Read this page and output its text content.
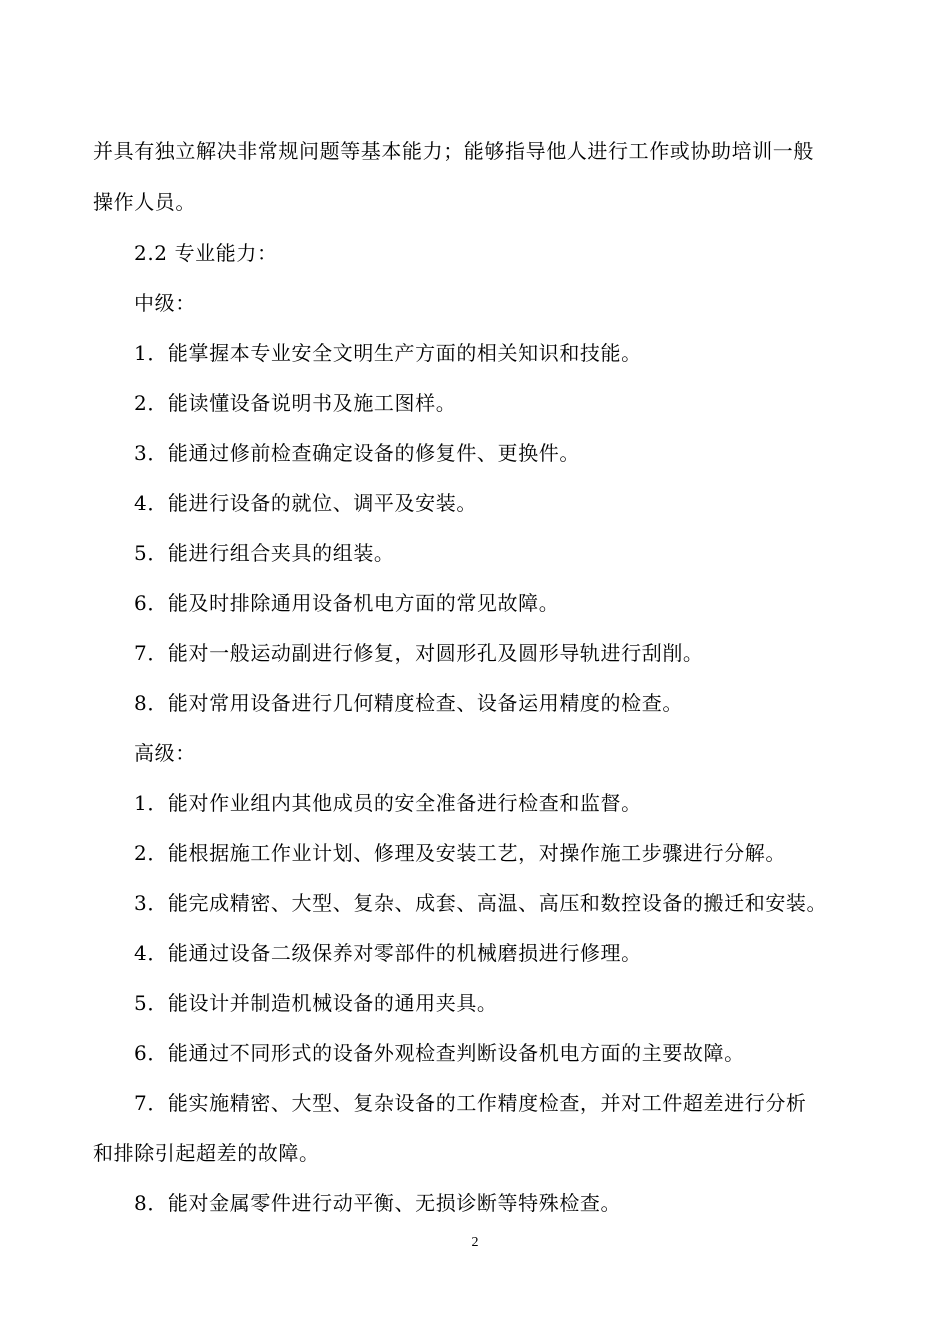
并具有独立解决非常规问题等基本能力；能够指导他人进行工作或协助培训一般
操作人员。
2.2 专业能力：
中级：
1．能掌握本专业安全文明生产方面的相关知识和技能。
2．能读懂设备说明书及施工图样。
3．能通过修前检查确定设备的修复件、更换件。
4．能进行设备的就位、调平及安装。
5．能进行组合夹具的组装。
6．能及时排除通用设备机电方面的常见故障。
7．能对一般运动副进行修复，对圆形孔及圆形导轨进行刮削。
8．能对常用设备进行几何精度检查、设备运用精度的检查。
高级：
1．能对作业组内其他成员的安全准备进行检查和监督。
2．能根据施工作业计划、修理及安装工艺，对操作施工步骤进行分解。
3．能完成精密、大型、复杂、成套、高温、高压和数控设备的搬迁和安装。
4．能通过设备二级保养对零部件的机械磨损进行修理。
5．能设计并制造机械设备的通用夹具。
6．能通过不同形式的设备外观检查判断设备机电方面的主要故障。
7．能实施精密、大型、复杂设备的工作精度检查，并对工件超差进行分析
和排除引起超差的故障。
8．能对金属零件进行动平衡、无损诊断等特殊检查。
2
